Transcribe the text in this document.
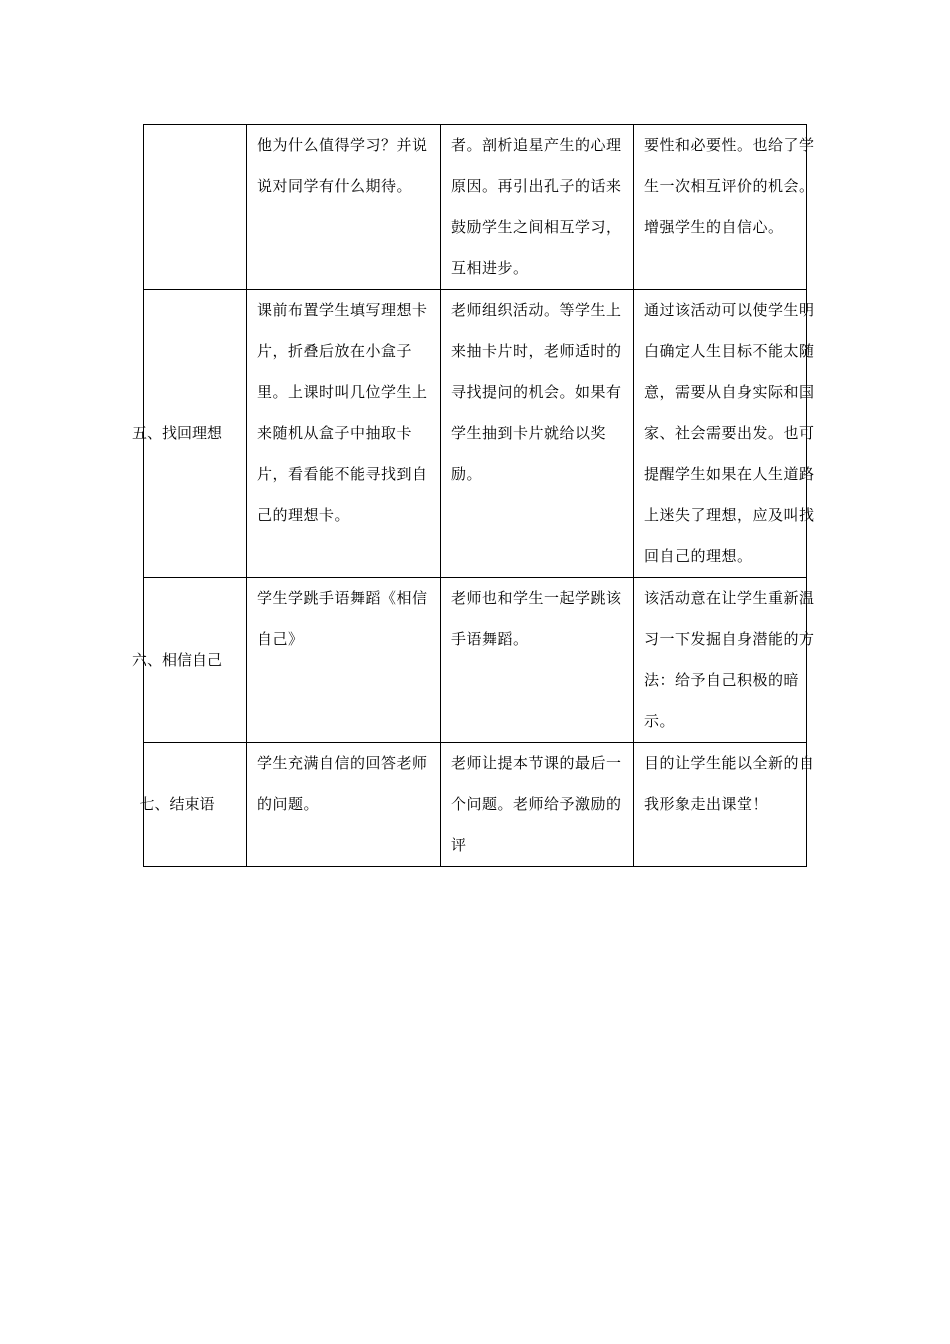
	他为什么值得学习？并说说对同学有什么期待。	者。剖析追星产生的心理原因。再引出孔子的话来鼓励学生之间相互学习，互相进步。	要性和必要性。也给了学生一次相互评价的机会。增强学生的自信心。

五、找回理想	课前布置学生填写理想卡片，折叠后放在小盒子里。上课时叫几位学生上来随机从盒子中抽取卡片，看看能不能寻找到自己的理想卡。	老师组织活动。等学生上来抽卡片时，老师适时的寻找提问的机会。如果有学生抽到卡片就给以奖励。	通过该活动可以使学生明白确定人生目标不能太随意，需要从自身实际和国家、社会需要出发。也可提醒学生如果在人生道路上迷失了理想，应及叫找回自己的理想。

六、相信自己	学生学跳手语舞蹈《相信自己》	老师也和学生一起学跳该手语舞蹈。	该活动意在让学生重新温习一下发掘自身潜能的方法：给予自己积极的暗示。

七、结束语	学生充满自信的回答老师的问题。	老师让提本节课的最后一个问题。老师给予激励的评	目的让学生能以全新的自我形象走出课堂！
